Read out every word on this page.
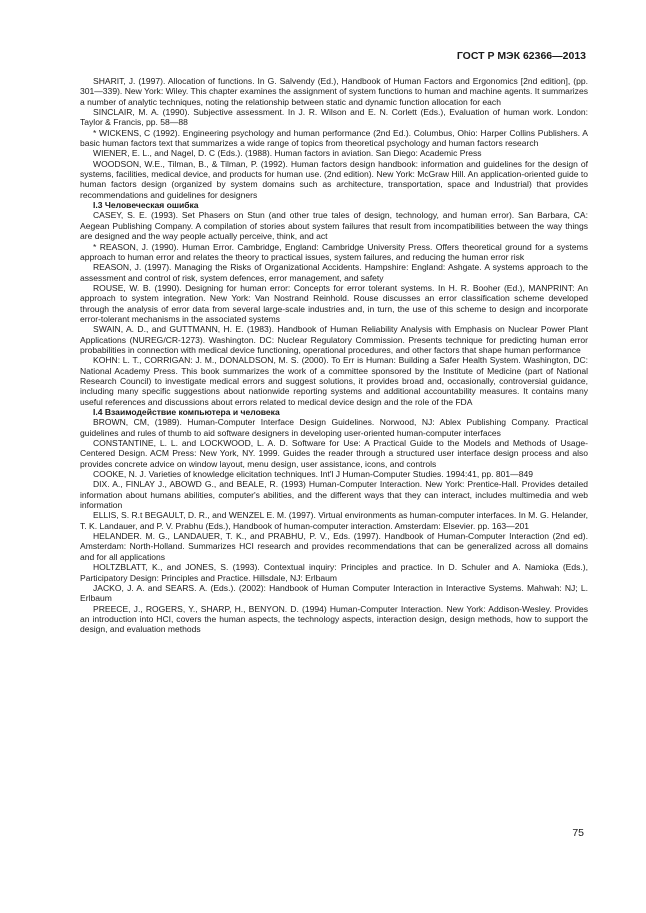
ГОСТ Р МЭК 62366—2013

SHARIT, J. (1997). Allocation of functions. In G. Salvendy (Ed.), Handbook of Human Factors and Ergonomics [2nd edition], (pp. 301—339). New York: Wiley. This chapter examines the assignment of system functions to human and machine agents. It summarizes a number of analytic techniques, noting the relationship between static and dynamic function allocation for each

SINCLAIR, M. A. (1990). Subjective assessment. In J. R. Wilson and E. N. Corlett (Eds.), Evaluation of human work. London: Taylor & Francis, pp. 58—88

* WICKENS, C (1992). Engineering psychology and human performance (2nd Ed.). Columbus, Ohio: Harper Collins Publishers. A basic human factors text that summarizes a wide range of topics from theoretical psychology and human factors research

WIENER, E. L., and Nagel, D. C (Eds.). (1988). Human factors in aviation. San Diego: Academic Press

WOODSON, W.E., Tilman, B., & Tilman, P. (1992). Human factors design handbook: information and guidelines for the design of systems, facilities, medical device, and products for human use. (2nd edition). New York: McGraw Hill. An application-oriented guide to human factors design (organized by system domains such as architecture, transportation, space and Industrial) that provides recommendations and guidelines for designers

I.3 Человеческая ошибка

CASEY, S. E. (1993). Set Phasers on Stun (and other true tales of design, technology, and human error). San Barbara, CA: Aegean Publishing Company. A compilation of stories about system failures that result from incompatibilities between the way things are designed and the way people actually perceive, think, and act

* REASON, J. (1990). Human Error. Cambridge, England: Cambridge University Press. Offers theoretical ground for a systems approach to human error and relates the theory to practical issues, system failures, and reducing the human error risk

REASON, J. (1997). Managing the Risks of Organizational Accidents. Hampshire: England: Ashgate. A systems approach to the assessment and control of risk, system defences, error management, and safety

ROUSE, W. B. (1990). Designing for human error: Concepts for error tolerant systems. In H. R. Booher (Ed.), MANPRINT: An approach to system integration. New York: Van Nostrand Reinhold. Rouse discusses an error classification scheme developed through the analysis of error data from several large-scale industries and, in turn, the use of this scheme to design and incorporate error-tolerant mechanisms in the associated systems

SWAIN, A. D., and GUTTMANN, H. E. (1983). Handbook of Human Reliability Analysis with Emphasis on Nuclear Power Plant Applications (NUREG/CR-1273). Washington. DC: Nuclear Regulatory Commission. Presents technique for predicting human error probabilities in connection with medical device functioning, operational procedures, and other factors that shape human performance

KOHN: L. T., CORRIGAN: J. M., DONALDSON, M. S. (2000). To Err is Human: Building a Safer Health System. Washington, DC: National Academy Press. This book summarizes the work of a committee sponsored by the Institute of Medicine (part of National Research Council) to investigate medical errors and suggest solutions, it provides broad and, occasionally, controversial guidance, including many specific suggestions about nationwide reporting systems and additional accountability measures. It contains many useful references and discussions about errors related to medical device design and the role of the FDA

I.4 Взаимодействие компьютера и человека

BROWN, CM, (1989). Human-Computer Interface Design Guidelines. Norwood, NJ: Ablex Publishing Company. Practical guidelines and rules of thumb to aid software designers in developing user-oriented human-computer interfaces

CONSTANTINE, L. L. and LOCKWOOD, L. A. D. Software for Use: A Practical Guide to the Models and Methods of Usage-Centered Design. ACM Press: New York, NY. 1999. Guides the reader through a structured user interface design process and also provides concrete advice on window layout, menu design, user assistance, icons, and controls

COOKE, N. J. Varieties of knowledge elicitation techniques. Int'l J Human-Computer Studies. 1994:41, pp. 801—849

DIX. A., FINLAY J., ABOWD G., and BEALE, R. (1993) Human-Computer Interaction. New York: Prentice-Hall. Provides detailed information about humans abilities, computer's abilities, and the different ways that they can interact, includes multimedia and web information

ELLIS, S. R.t BEGAULT, D. R., and WENZEL E. M. (1997). Virtual environments as human-computer interfaces. In M. G. Helander, T. K. Landauer, and P. V. Prabhu (Eds.), Handbook of human-computer interaction. Amsterdam: Elsevier. pp. 163—201

HELANDER. M. G., LANDAUER, T. K., and PRABHU, P. V., Eds. (1997). Handbook of Human-Computer Interaction (2nd ed). Amsterdam: North-Holland. Summarizes HCI research and provides recommendations that can be generalized across all domains and for all applications

HOLTZBLATT, K., and JONES, S. (1993). Contextual inquiry: Principles and practice. In D. Schuler and A. Namioka (Eds.), Participatory Design: Principles and Practice. Hillsdale, NJ: Erlbaum

JACKO, J. A. and SEARS. A. (Eds.). (2002): Handbook of Human Computer Interaction in Interactive Systems. Mahwah: NJ; L. Erlbaum

PREECE, J., ROGERS, Y., SHARP, H., BENYON. D. (1994) Human-Computer Interaction. New York: Addison-Wesley. Provides an introduction into HCI, covers the human aspects, the technology aspects, interaction design, design methods, how to support the design, and evaluation methods

75
